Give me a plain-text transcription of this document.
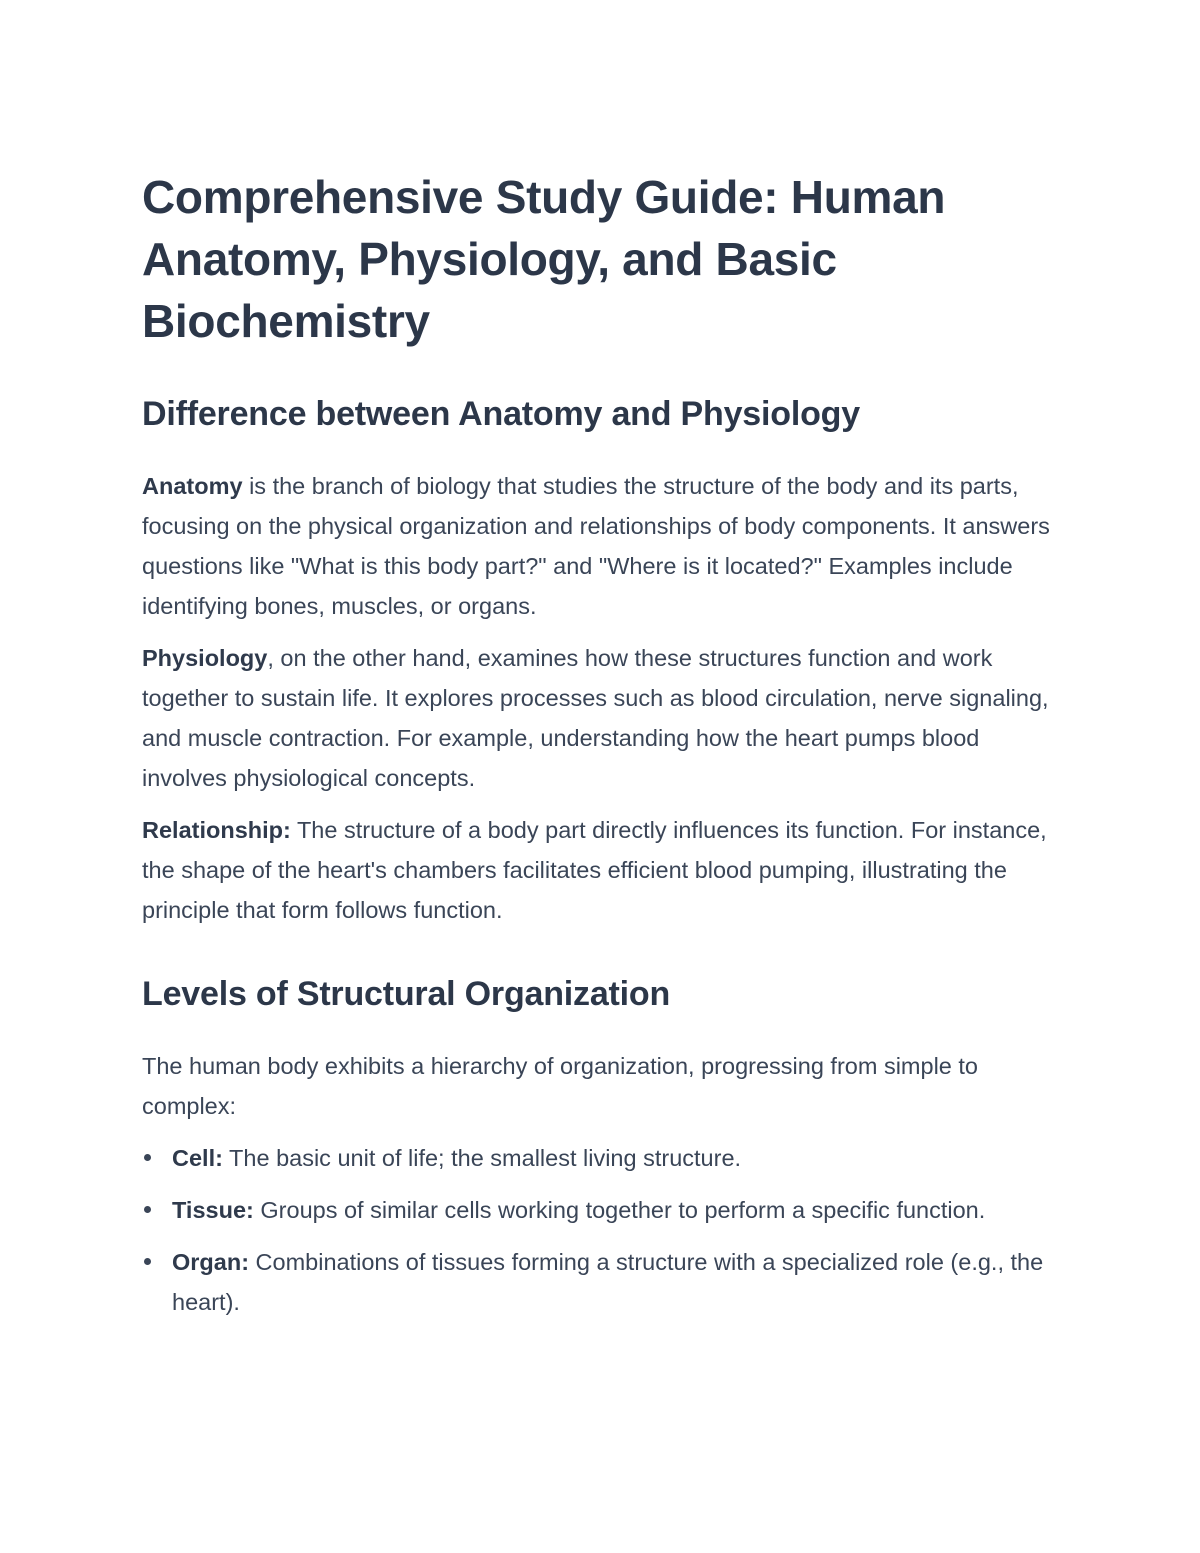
Comprehensive Study Guide: Human Anatomy, Physiology, and Basic Biochemistry
Difference between Anatomy and Physiology

Anatomy is the branch of biology that studies the structure of the body and its parts, focusing on the physical organization and relationships of body components. It answers questions like "What is this body part?" and "Where is it located?" Examples include identifying bones, muscles, or organs.

Physiology, on the other hand, examines how these structures function and work together to sustain life. It explores processes such as blood circulation, nerve signaling, and muscle contraction. For example, understanding how the heart pumps blood involves physiological concepts.

Relationship: The structure of a body part directly influences its function. For instance, the shape of the heart's chambers facilitates efficient blood pumping, illustrating the principle that form follows function.

Levels of Structural Organization

The human body exhibits a hierarchy of organization, progressing from simple to complex:

Cell: The basic unit of life; the smallest living structure.
Tissue: Groups of similar cells working together to perform a specific function.
Organ: Combinations of tissues forming a structure with a specialized role (e.g., the heart).
